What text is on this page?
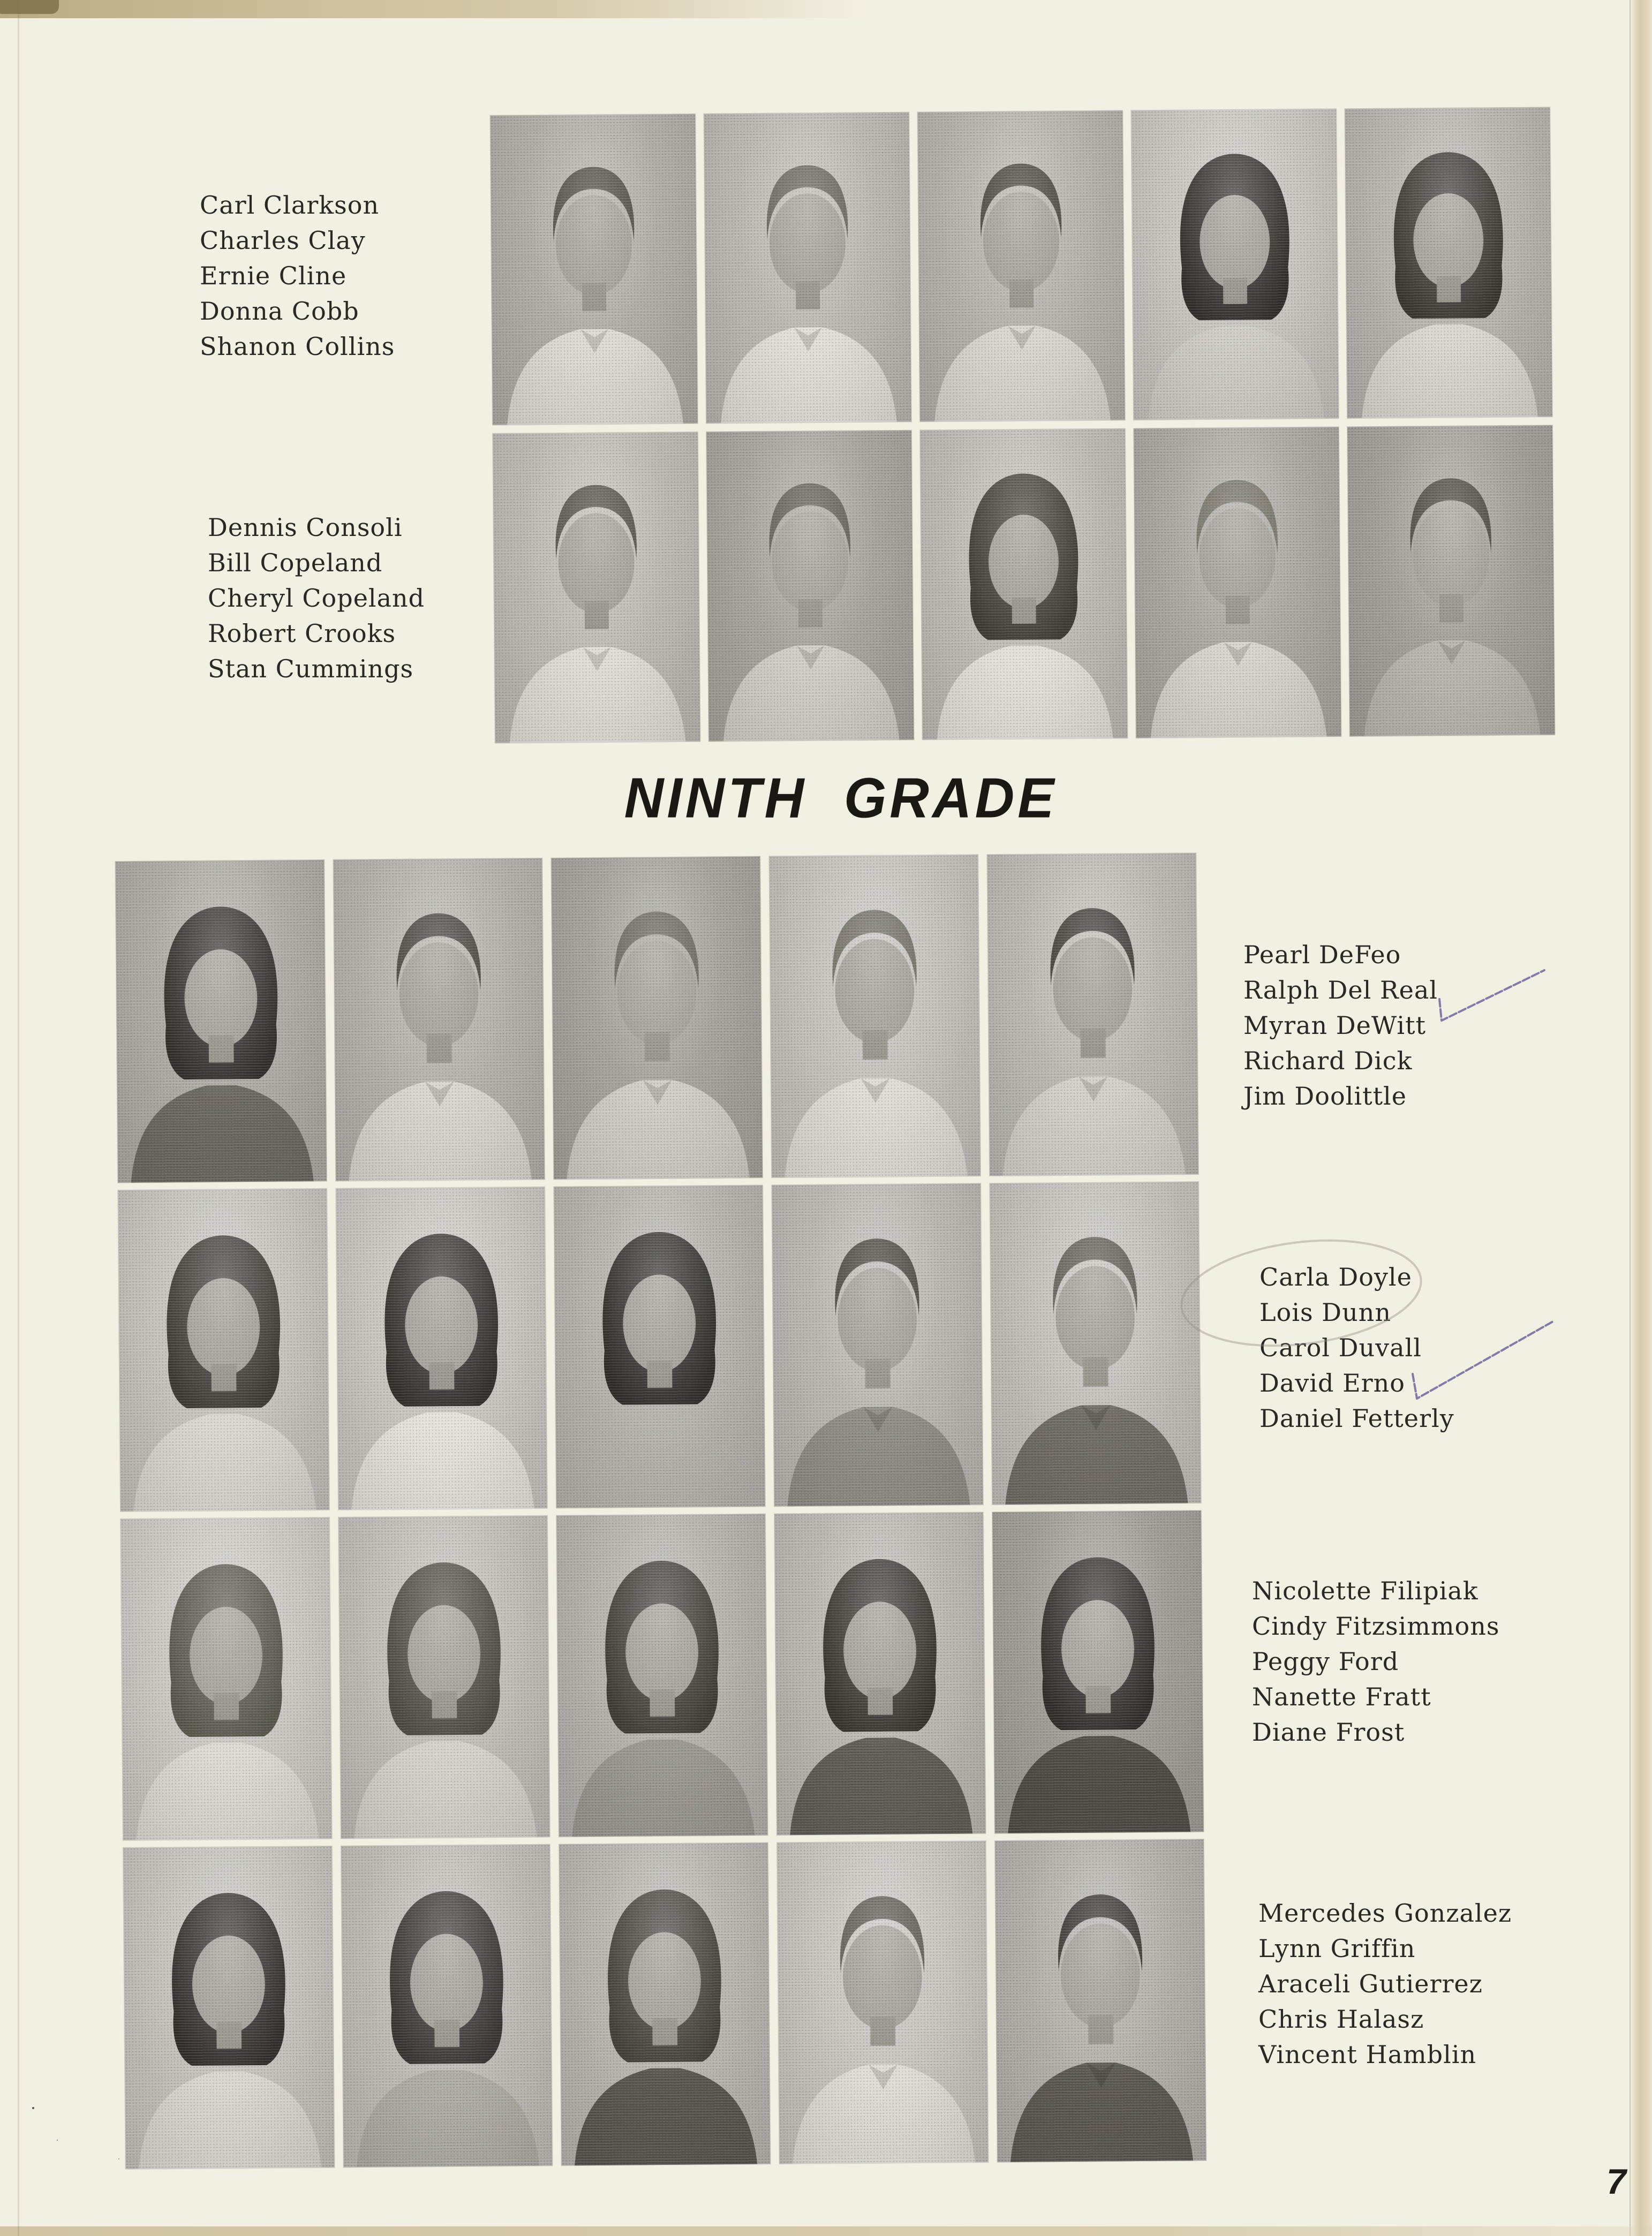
Carl Clarkson
Charles Clay
Ernie Cline
Donna Cobb
Shanon Collins
Dennis Consoli
Bill Copeland
Cheryl Copeland
Robert Crooks
Stan Cummings
NINTH  GRADE
Pearl DeFeo
Ralph Del Real
Myran DeWitt
Richard Dick
Jim Doolittle
Carla Doyle
Lois Dunn
Carol Duvall
David Erno
Daniel Fetterly
Nicolette Filipiak
Cindy Fitzsimmons
Peggy Ford
Nanette Fratt
Diane Frost
Mercedes Gonzalez
Lynn Griffin
Araceli Gutierrez
Chris Halasz
Vincent Hamblin
7
